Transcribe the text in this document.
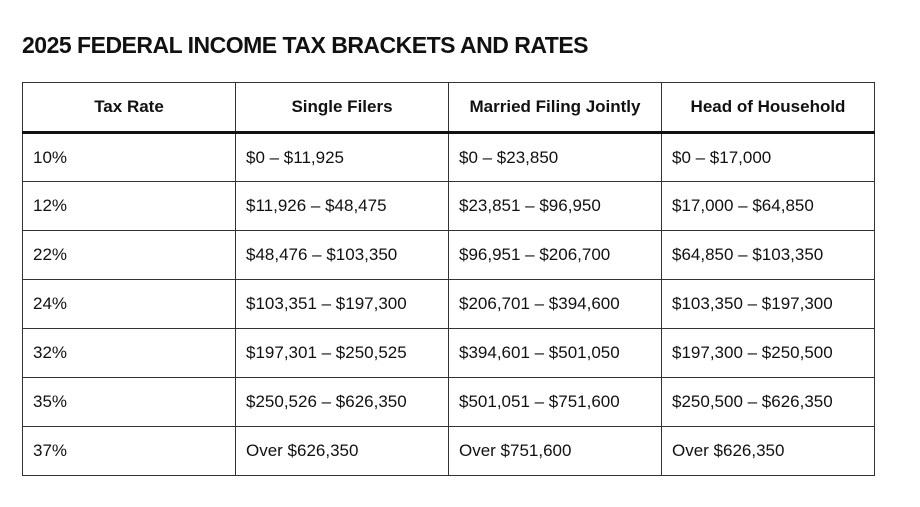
2025 FEDERAL INCOME TAX BRACKETS AND RATES
Tax Rate	Single Filers	Married Filing Jointly	Head of Household
10%	$0 – $11,925	$0 – $23,850	$0 – $17,000
12%	$11,926 – $48,475	$23,851 – $96,950	$17,000 – $64,850
22%	$48,476 – $103,350	$96,951 – $206,700	$64,850 – $103,350
24%	$103,351 – $197,300	$206,701 – $394,600	$103,350 – $197,300
32%	$197,301 – $250,525	$394,601 – $501,050	$197,300 – $250,500
35%	$250,526 – $626,350	$501,051 – $751,600	$250,500 – $626,350
37%	Over $626,350	Over $751,600	Over $626,350
